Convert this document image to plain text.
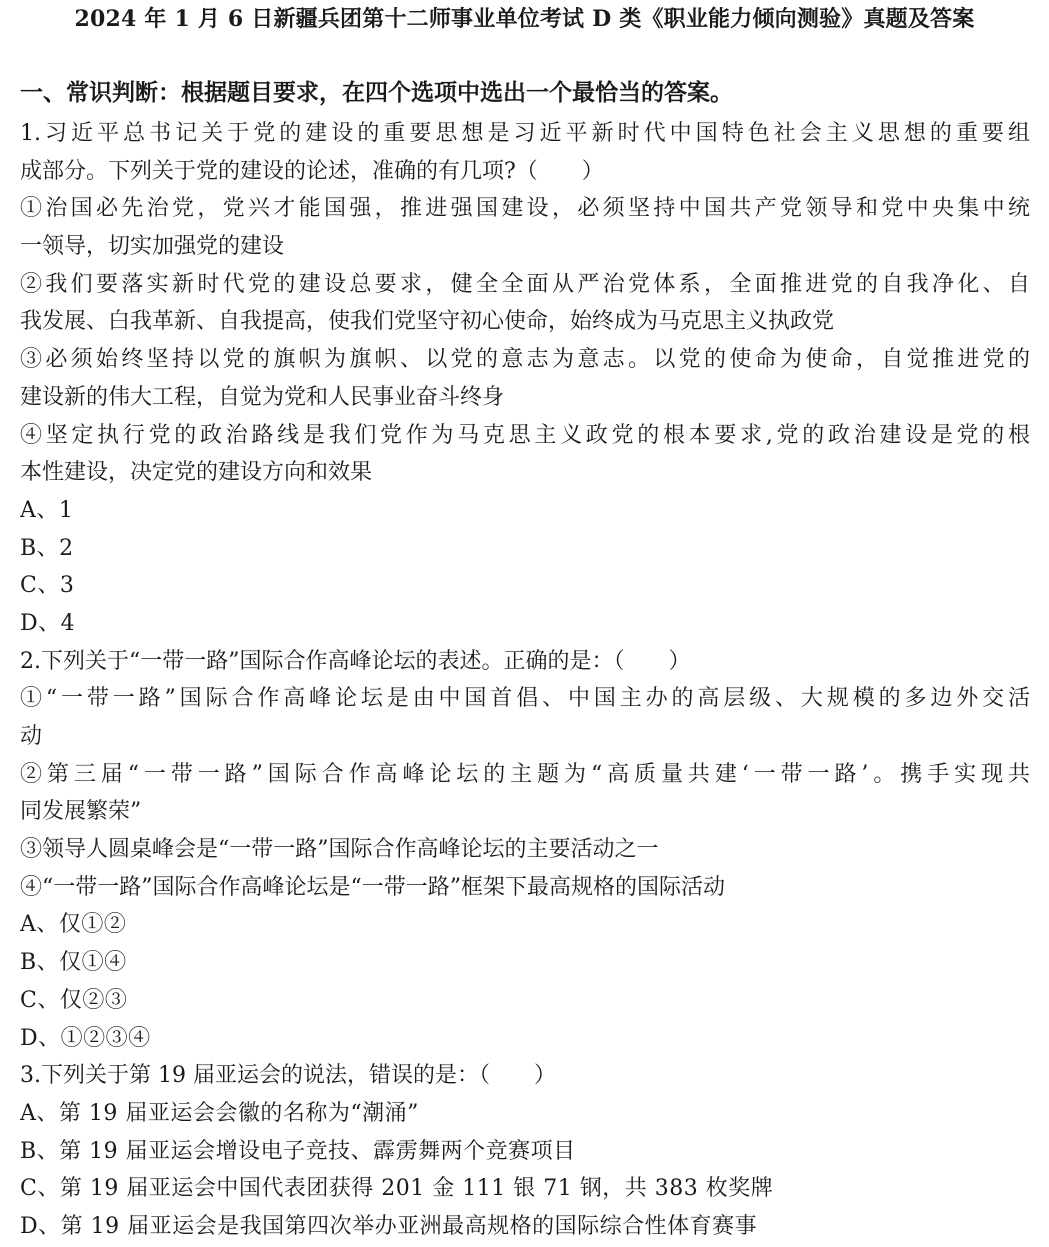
2024 年 1 月 6 日新疆兵团第十二师事业单位考试 D 类《职业能力倾向测验》真题及答案
一、常识判断：根据题目要求，在四个选项中选出一个最恰当的答案。
1.习近平总书记关于党的建设的重要思想是习近平新时代中国特色社会主义思想的重要组
成部分。下列关于党的建设的论述，准确的有几项?（　　）
①治国必先治党，党兴才能国强，推进强国建设，必须坚持中国共产党领导和党中央集中统
一领导，切实加强党的建设
②我们要落实新时代党的建设总要求，健全全面从严治党体系，全面推进党的自我净化、自
我发展、白我革新、自我提高，使我们党坚守初心使命，始终成为马克思主义执政党
③必须始终坚持以党的旗帜为旗帜、以党的意志为意志。以党的使命为使命，自觉推进党的
建设新的伟大工程，自觉为党和人民事业奋斗终身
④坚定执行党的政治路线是我们党作为马克思主义政党的根本要求,党的政治建设是党的根
本性建设，决定党的建设方向和效果
A、1
B、2
C、3
D、4
2.下列关于“一带一路”国际合作高峰论坛的表述。正确的是：（　　）
①“一带一路”国际合作高峰论坛是由中国首倡、中国主办的高层级、大规模的多边外交活
动
②第三届“一带一路”国际合作高峰论坛的主题为“高质量共建‘一带一路’。携手实现共
同发展繁荣”
③领导人圆桌峰会是“一带一路”国际合作高峰论坛的主要活动之一
④“一带一路”国际合作高峰论坛是“一带一路”框架下最高规格的国际活动
A、仅①②
B、仅①④
C、仅②③
D、①②③④
3.下列关于第 19 届亚运会的说法，错误的是：（　　）
A、第 19 届亚运会会徽的名称为“潮涌”
B、第 19 届亚运会增设电子竞技、霹雳舞两个竞赛项目
C、第 19 届亚运会中国代表团获得 201 金 111 银 71 钢，共 383 枚奖牌
D、第 19 届亚运会是我国第四次举办亚洲最高规格的国际综合性体育赛事
